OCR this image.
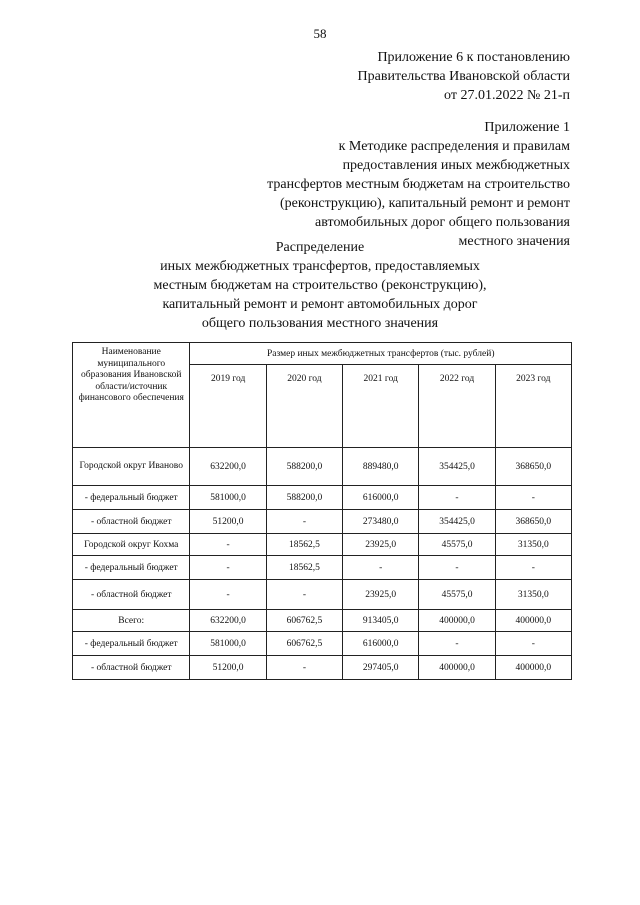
58
Приложение 6 к постановлению
Правительства Ивановской области
от 27.01.2022 № 21-п
Приложение 1
к Методике распределения и правилам
предоставления иных межбюджетных
трансфертов местным бюджетам на строительство
(реконструкцию), капитальный ремонт и ремонт
автомобильных дорог общего пользования
местного значения
Распределение
иных межбюджетных трансфертов, предоставляемых
местным бюджетам на строительство (реконструкцию),
капитальный ремонт и ремонт автомобильных дорог
общего пользования местного значения
Наименование муниципального образования Ивановской области/источник финансового обеспечения	Размер иных межбюджетных трансфертов (тыс. рублей)				
	2019 год	2020 год	2021 год	2022 год	2023 год
Городской округ Иваново	632200,0	588200,0	889480,0	354425,0	368650,0
- федеральный бюджет	581000,0	588200,0	616000,0	-	-
- областной бюджет	51200,0	-	273480,0	354425,0	368650,0
Городской округ Кохма	-	18562,5	23925,0	45575,0	31350,0
- федеральный бюджет	-	18562,5	-	-	-
- областной бюджет	-	-	23925,0	45575,0	31350,0
Всего:	632200,0	606762,5	913405,0	400000,0	400000,0
- федеральный бюджет	581000,0	606762,5	616000,0	-	-
- областной бюджет	51200,0	-	297405,0	400000,0	400000,0
